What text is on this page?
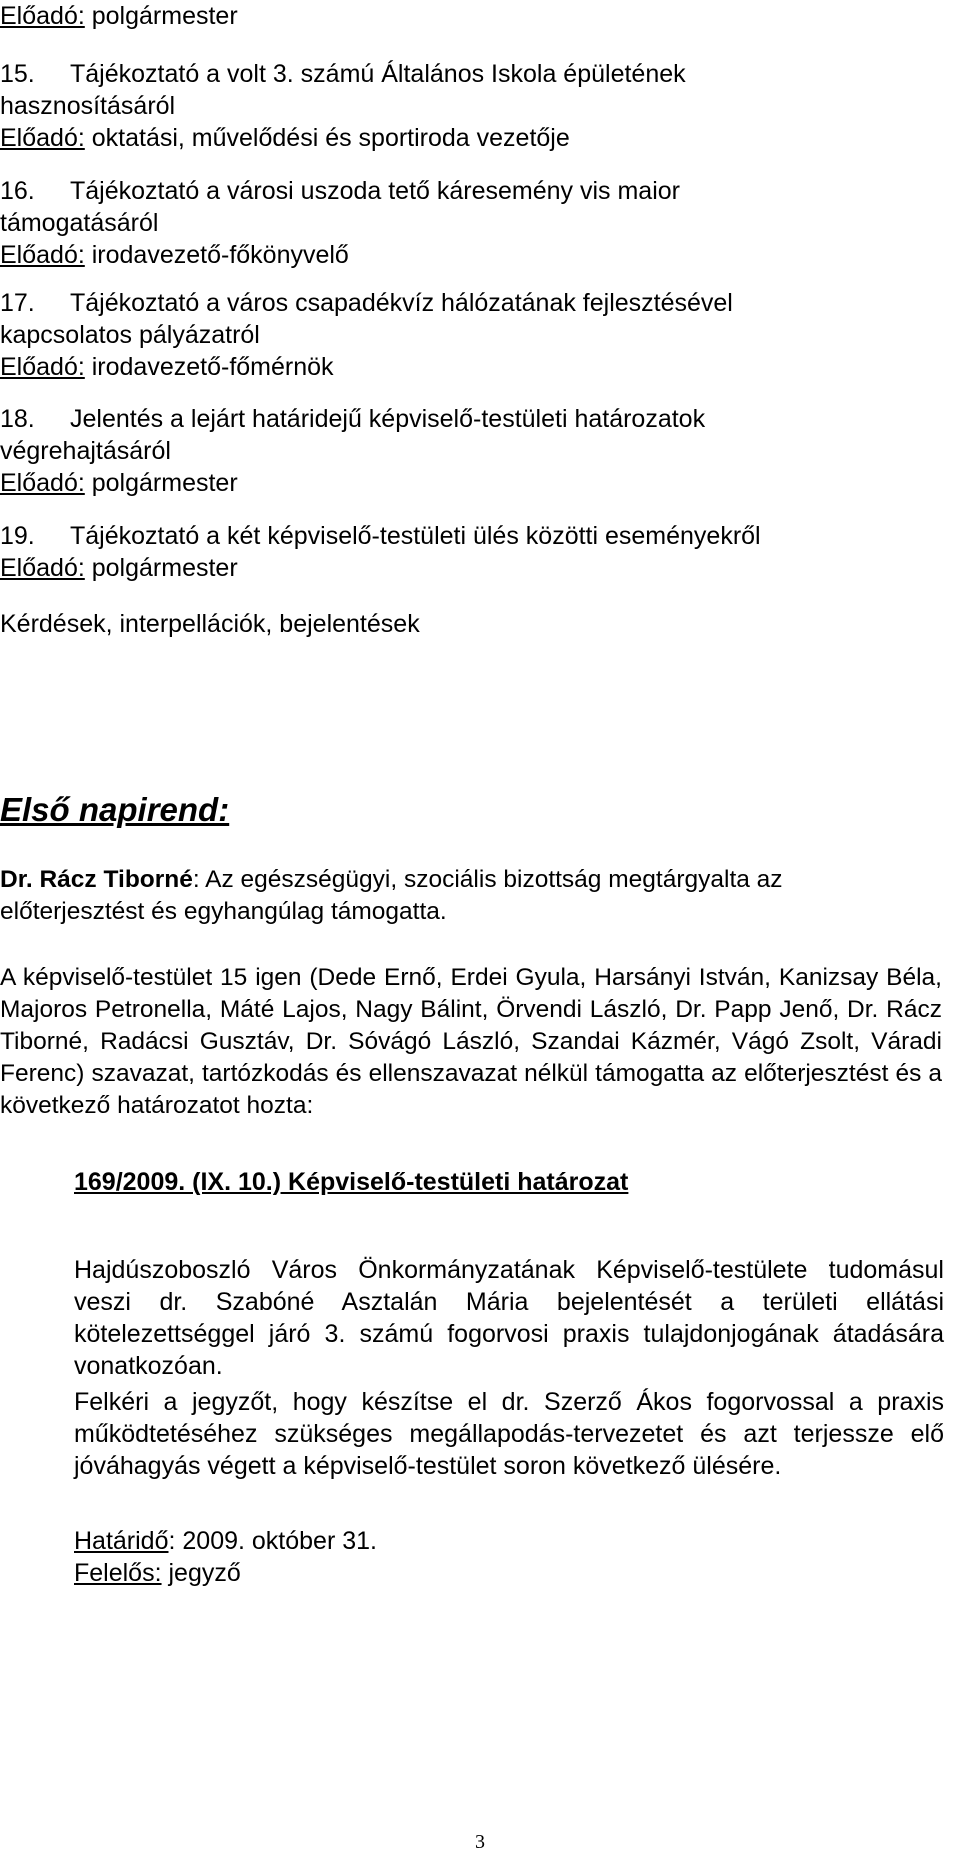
Előadó: polgármester
15. Tájékoztató a volt 3. számú Általános Iskola épületének
hasznosításáról
Előadó: oktatási, művelődési és sportiroda vezetője
16. Tájékoztató a városi uszoda tető káresemény vis maior
támogatásáról
Előadó: irodavezető-főkönyvelő
17. Tájékoztató a város csapadékvíz hálózatának fejlesztésével
kapcsolatos pályázatról
Előadó: irodavezető-főmérnök
18. Jelentés a lejárt határidejű képviselő-testületi határozatok
végrehajtásáról
Előadó: polgármester
19. Tájékoztató a két képviselő-testületi ülés közötti eseményekről
Előadó: polgármester
Kérdések, interpellációk, bejelentések
Első napirend:
Dr. Rácz Tiborné: Az egészségügyi, szociális bizottság megtárgyalta az előterjesztést és egyhangúlag támogatta.
A képviselő-testület 15 igen (Dede Ernő, Erdei Gyula, Harsányi István, Kanizsay Béla, Majoros Petronella, Máté Lajos, Nagy Bálint, Örvendi László, Dr. Papp Jenő, Dr. Rácz Tiborné, Radácsi Gusztáv, Dr. Sóvágó László, Szandai Kázmér, Vágó Zsolt, Váradi Ferenc) szavazat, tartózkodás és ellenszavazat nélkül támogatta az előterjesztést és a következő határozatot hozta:
169/2009. (IX. 10.) Képviselő-testületi határozat
Hajdúszoboszló Város Önkormányzatának Képviselő-testülete tudomásul veszi dr. Szabóné Asztalán Mária bejelentését a területi ellátási kötelezettséggel járó 3. számú fogorvosi praxis tulajdonjogának átadására vonatkozóan.
Felkéri a jegyzőt, hogy készítse el dr. Szerző Ákos fogorvossal a praxis működtetéséhez szükséges megállapodás-tervezetet és azt terjessze elő jóváhagyás végett a képviselő-testület soron következő ülésére.
Határidő: 2009. október 31.
Felelős: jegyző
3
